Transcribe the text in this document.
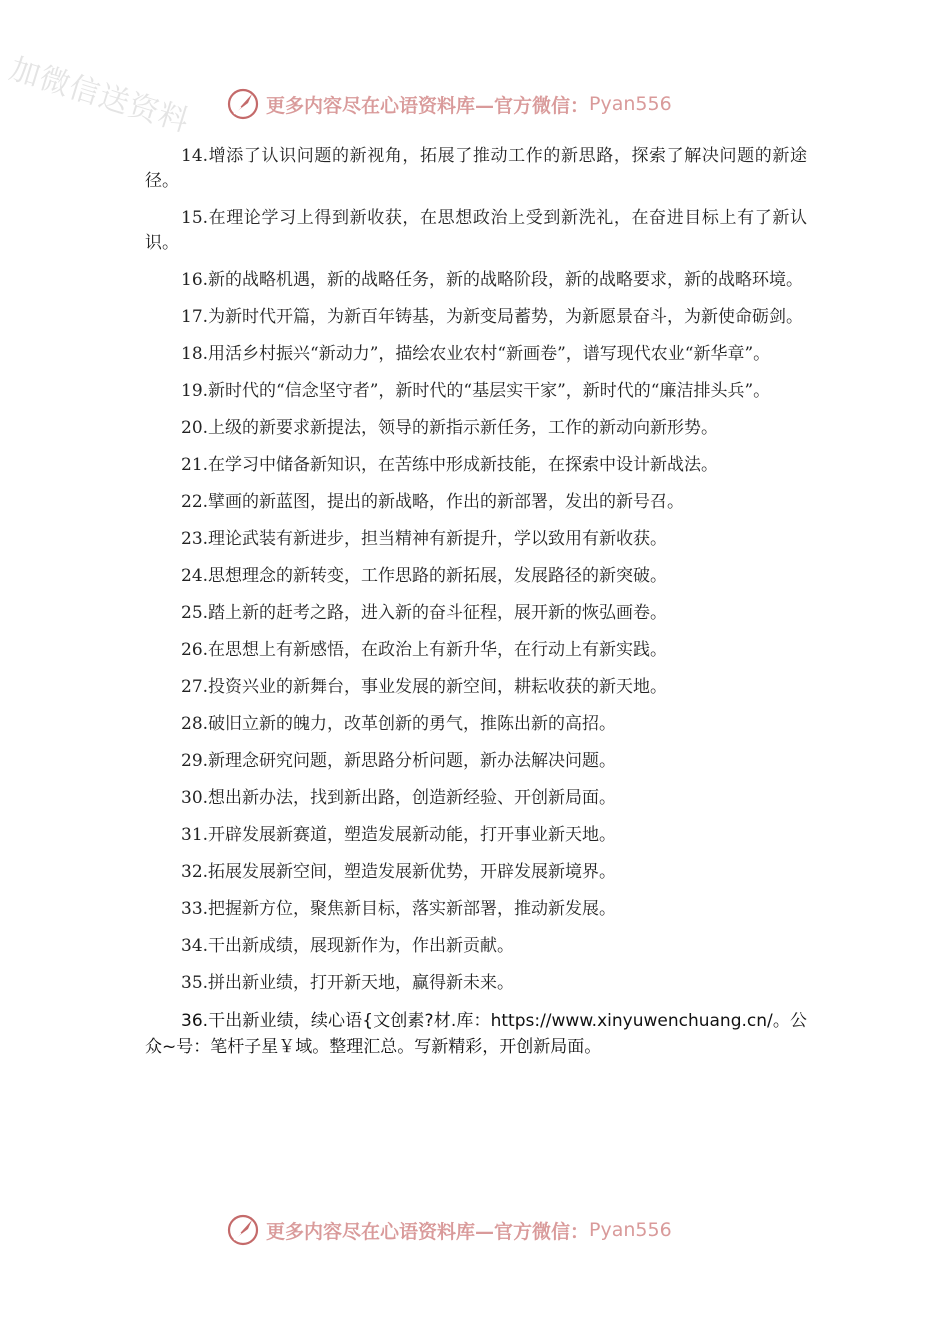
加微信送资料	更多内容尽在心语资料库—官方微信： Pyan556

14.增添了认识问题的新视角，拓展了推动工作的新思路，探索了解决问题的新途径。

15.在理论学习上得到新收获，在思想政治上受到新洗礼，在奋进目标上有了新认识。

16.新的战略机遇，新的战略任务，新的战略阶段，新的战略要求，新的战略环境。

17.为新时代开篇，为新百年铸基，为新变局蓄势，为新愿景奋斗，为新使命砺剑。

18.用活乡村振兴“新动力”，描绘农业农村“新画卷”，谱写现代农业“新华章”。

19.新时代的“信念坚守者”，新时代的“基层实干家”，新时代的“廉洁排头兵”。

20.上级的新要求新提法，领导的新指示新任务，工作的新动向新形势。

21.在学习中储备新知识，在苦练中形成新技能，在探索中设计新战法。

22.擘画的新蓝图，提出的新战略，作出的新部署，发出的新号召。

23.理论武装有新进步，担当精神有新提升，学以致用有新收获。

24.思想理念的新转变，工作思路的新拓展，发展路径的新突破。

25.踏上新的赶考之路，进入新的奋斗征程，展开新的恢弘画卷。

26.在思想上有新感悟，在政治上有新升华，在行动上有新实践。

27.投资兴业的新舞台，事业发展的新空间，耕耘收获的新天地。

28.破旧立新的魄力，改革创新的勇气，推陈出新的高招。

29.新理念研究问题，新思路分析问题，新办法解决问题。

30.想出新办法，找到新出路，创造新经验、开创新局面。

31.开辟发展新赛道，塑造发展新动能，打开事业新天地。

32.拓展发展新空间，塑造发展新优势，开辟发展新境界。

33.把握新方位，聚焦新目标，落实新部署，推动新发展。

34.干出新成绩，展现新作为，作出新贡献。

35.拼出新业绩，打开新天地，赢得新未来。

36.干出新业绩，续心语{文创素?材.库：https://www.xinyuwenchuang.cn/。公众~号：笔杆子星￥域。整理汇总。写新精彩，开创新局面。

更多内容尽在心语资料库—官方微信： Pyan556
